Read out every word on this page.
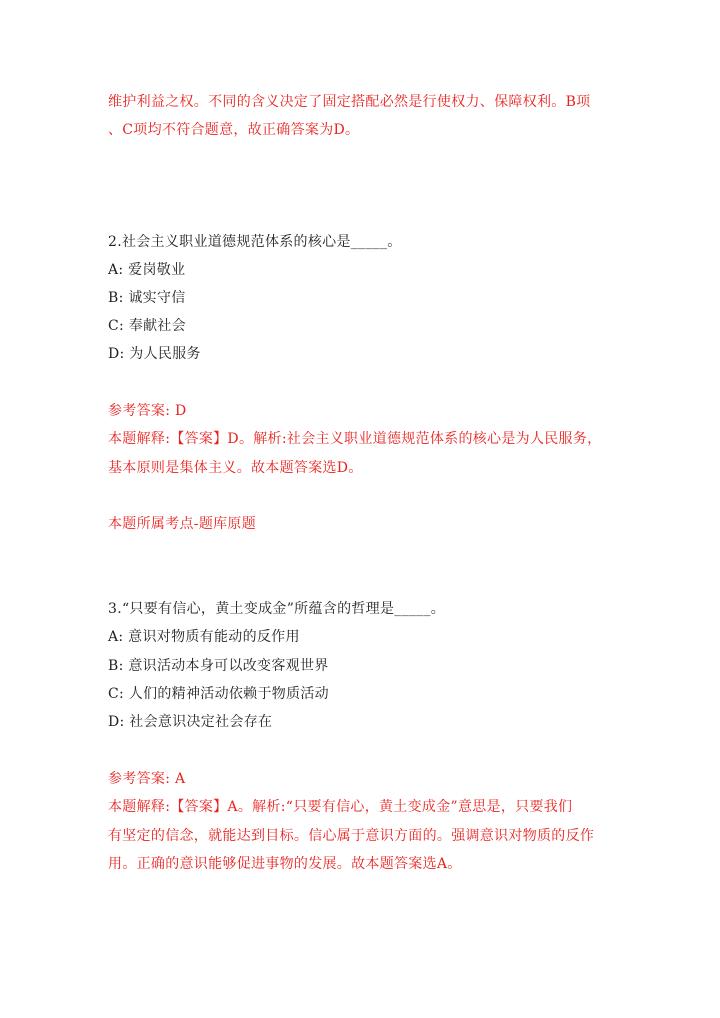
维护利益之权。不同的含义决定了固定搭配必然是行使权力、保障权利。B项
、C项均不符合题意，故正确答案为D。
2.社会主义职业道德规范体系的核心是_____。
A: 爱岗敬业
B: 诚实守信
C: 奉献社会
D: 为人民服务
参考答案: D
本题解释:【答案】D。解析:社会主义职业道德规范体系的核心是为人民服务，
基本原则是集体主义。故本题答案选D。
本题所属考点-题库原题
3.“只要有信心，黄土变成金”所蕴含的哲理是_____。
A: 意识对物质有能动的反作用
B: 意识活动本身可以改变客观世界
C: 人们的精神活动依赖于物质活动
D: 社会意识决定社会存在
参考答案: A
本题解释:【答案】A。解析:“只要有信心，黄土变成金”意思是，只要我们
有坚定的信念，就能达到目标。信心属于意识方面的。强调意识对物质的反作
用。正确的意识能够促进事物的发展。故本题答案选A。
